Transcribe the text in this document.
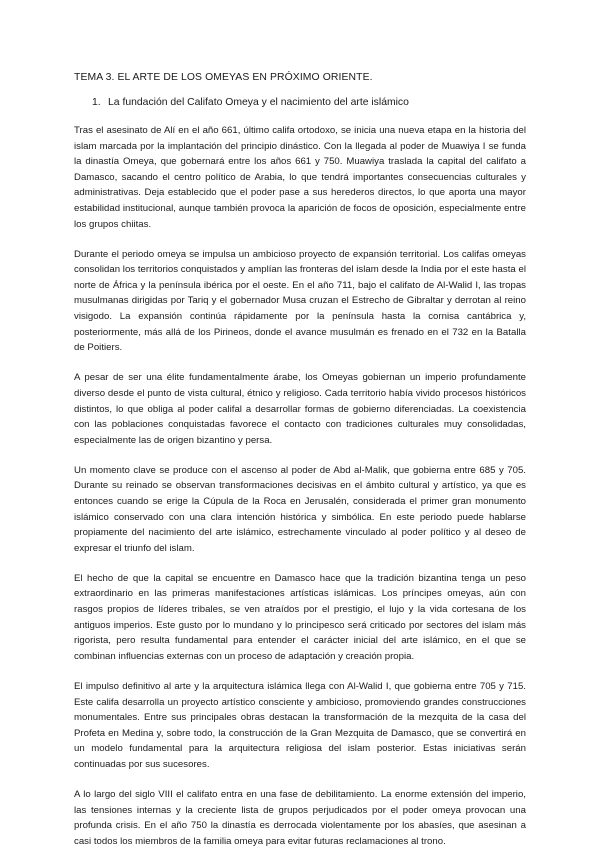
TEMA 3. EL ARTE DE LOS OMEYAS EN PRÓXIMO ORIENTE.
1. La fundación del Califato Omeya y el nacimiento del arte islámico

Tras el asesinato de Alí en el año 661, último califa ortodoxo, se inicia una nueva etapa en la historia del islam marcada por la implantación del principio dinástico. Con la llegada al poder de Muawiya I se funda la dinastía Omeya, que gobernará entre los años 661 y 750. Muawiya traslada la capital del califato a Damasco, sacando el centro político de Arabia, lo que tendrá importantes consecuencias culturales y administrativas. Deja establecido que el poder pase a sus herederos directos, lo que aporta una mayor estabilidad institucional, aunque también provoca la aparición de focos de oposición, especialmente entre los grupos chiitas.

Durante el periodo omeya se impulsa un ambicioso proyecto de expansión territorial. Los califas omeyas consolidan los territorios conquistados y amplían las fronteras del islam desde la India por el este hasta el norte de África y la península ibérica por el oeste. En el año 711, bajo el califato de Al-Walid I, las tropas musulmanas dirigidas por Tariq y el gobernador Musa cruzan el Estrecho de Gibraltar y derrotan al reino visigodo. La expansión continúa rápidamente por la península hasta la cornisa cantábrica y, posteriormente, más allá de los Pirineos, donde el avance musulmán es frenado en el 732 en la Batalla de Poitiers.

A pesar de ser una élite fundamentalmente árabe, los Omeyas gobiernan un imperio profundamente diverso desde el punto de vista cultural, étnico y religioso. Cada territorio había vivido procesos históricos distintos, lo que obliga al poder califal a desarrollar formas de gobierno diferenciadas. La coexistencia con las poblaciones conquistadas favorece el contacto con tradiciones culturales muy consolidadas, especialmente las de origen bizantino y persa.

Un momento clave se produce con el ascenso al poder de Abd al-Malik, que gobierna entre 685 y 705. Durante su reinado se observan transformaciones decisivas en el ámbito cultural y artístico, ya que es entonces cuando se erige la Cúpula de la Roca en Jerusalén, considerada el primer gran monumento islámico conservado con una clara intención histórica y simbólica. En este periodo puede hablarse propiamente del nacimiento del arte islámico, estrechamente vinculado al poder político y al deseo de expresar el triunfo del islam.

El hecho de que la capital se encuentre en Damasco hace que la tradición bizantina tenga un peso extraordinario en las primeras manifestaciones artísticas islámicas. Los príncipes omeyas, aún con rasgos propios de líderes tribales, se ven atraídos por el prestigio, el lujo y la vida cortesana de los antiguos imperios. Este gusto por lo mundano y lo principesco será criticado por sectores del islam más rigorista, pero resulta fundamental para entender el carácter inicial del arte islámico, en el que se combinan influencias externas con un proceso de adaptación y creación propia.

El impulso definitivo al arte y la arquitectura islámica llega con Al-Walid I, que gobierna entre 705 y 715. Este califa desarrolla un proyecto artístico consciente y ambicioso, promoviendo grandes construcciones monumentales. Entre sus principales obras destacan la transformación de la mezquita de la casa del Profeta en Medina y, sobre todo, la construcción de la Gran Mezquita de Damasco, que se convertirá en un modelo fundamental para la arquitectura religiosa del islam posterior. Estas iniciativas serán continuadas por sus sucesores.

A lo largo del siglo VIII el califato entra en una fase de debilitamiento. La enorme extensión del imperio, las tensiones internas y la creciente lista de grupos perjudicados por el poder omeya provocan una profunda crisis. En el año 750 la dinastía es derrocada violentamente por los abasíes, que asesinan a casi todos los miembros de la familia omeya para evitar futuras reclamaciones al trono.
